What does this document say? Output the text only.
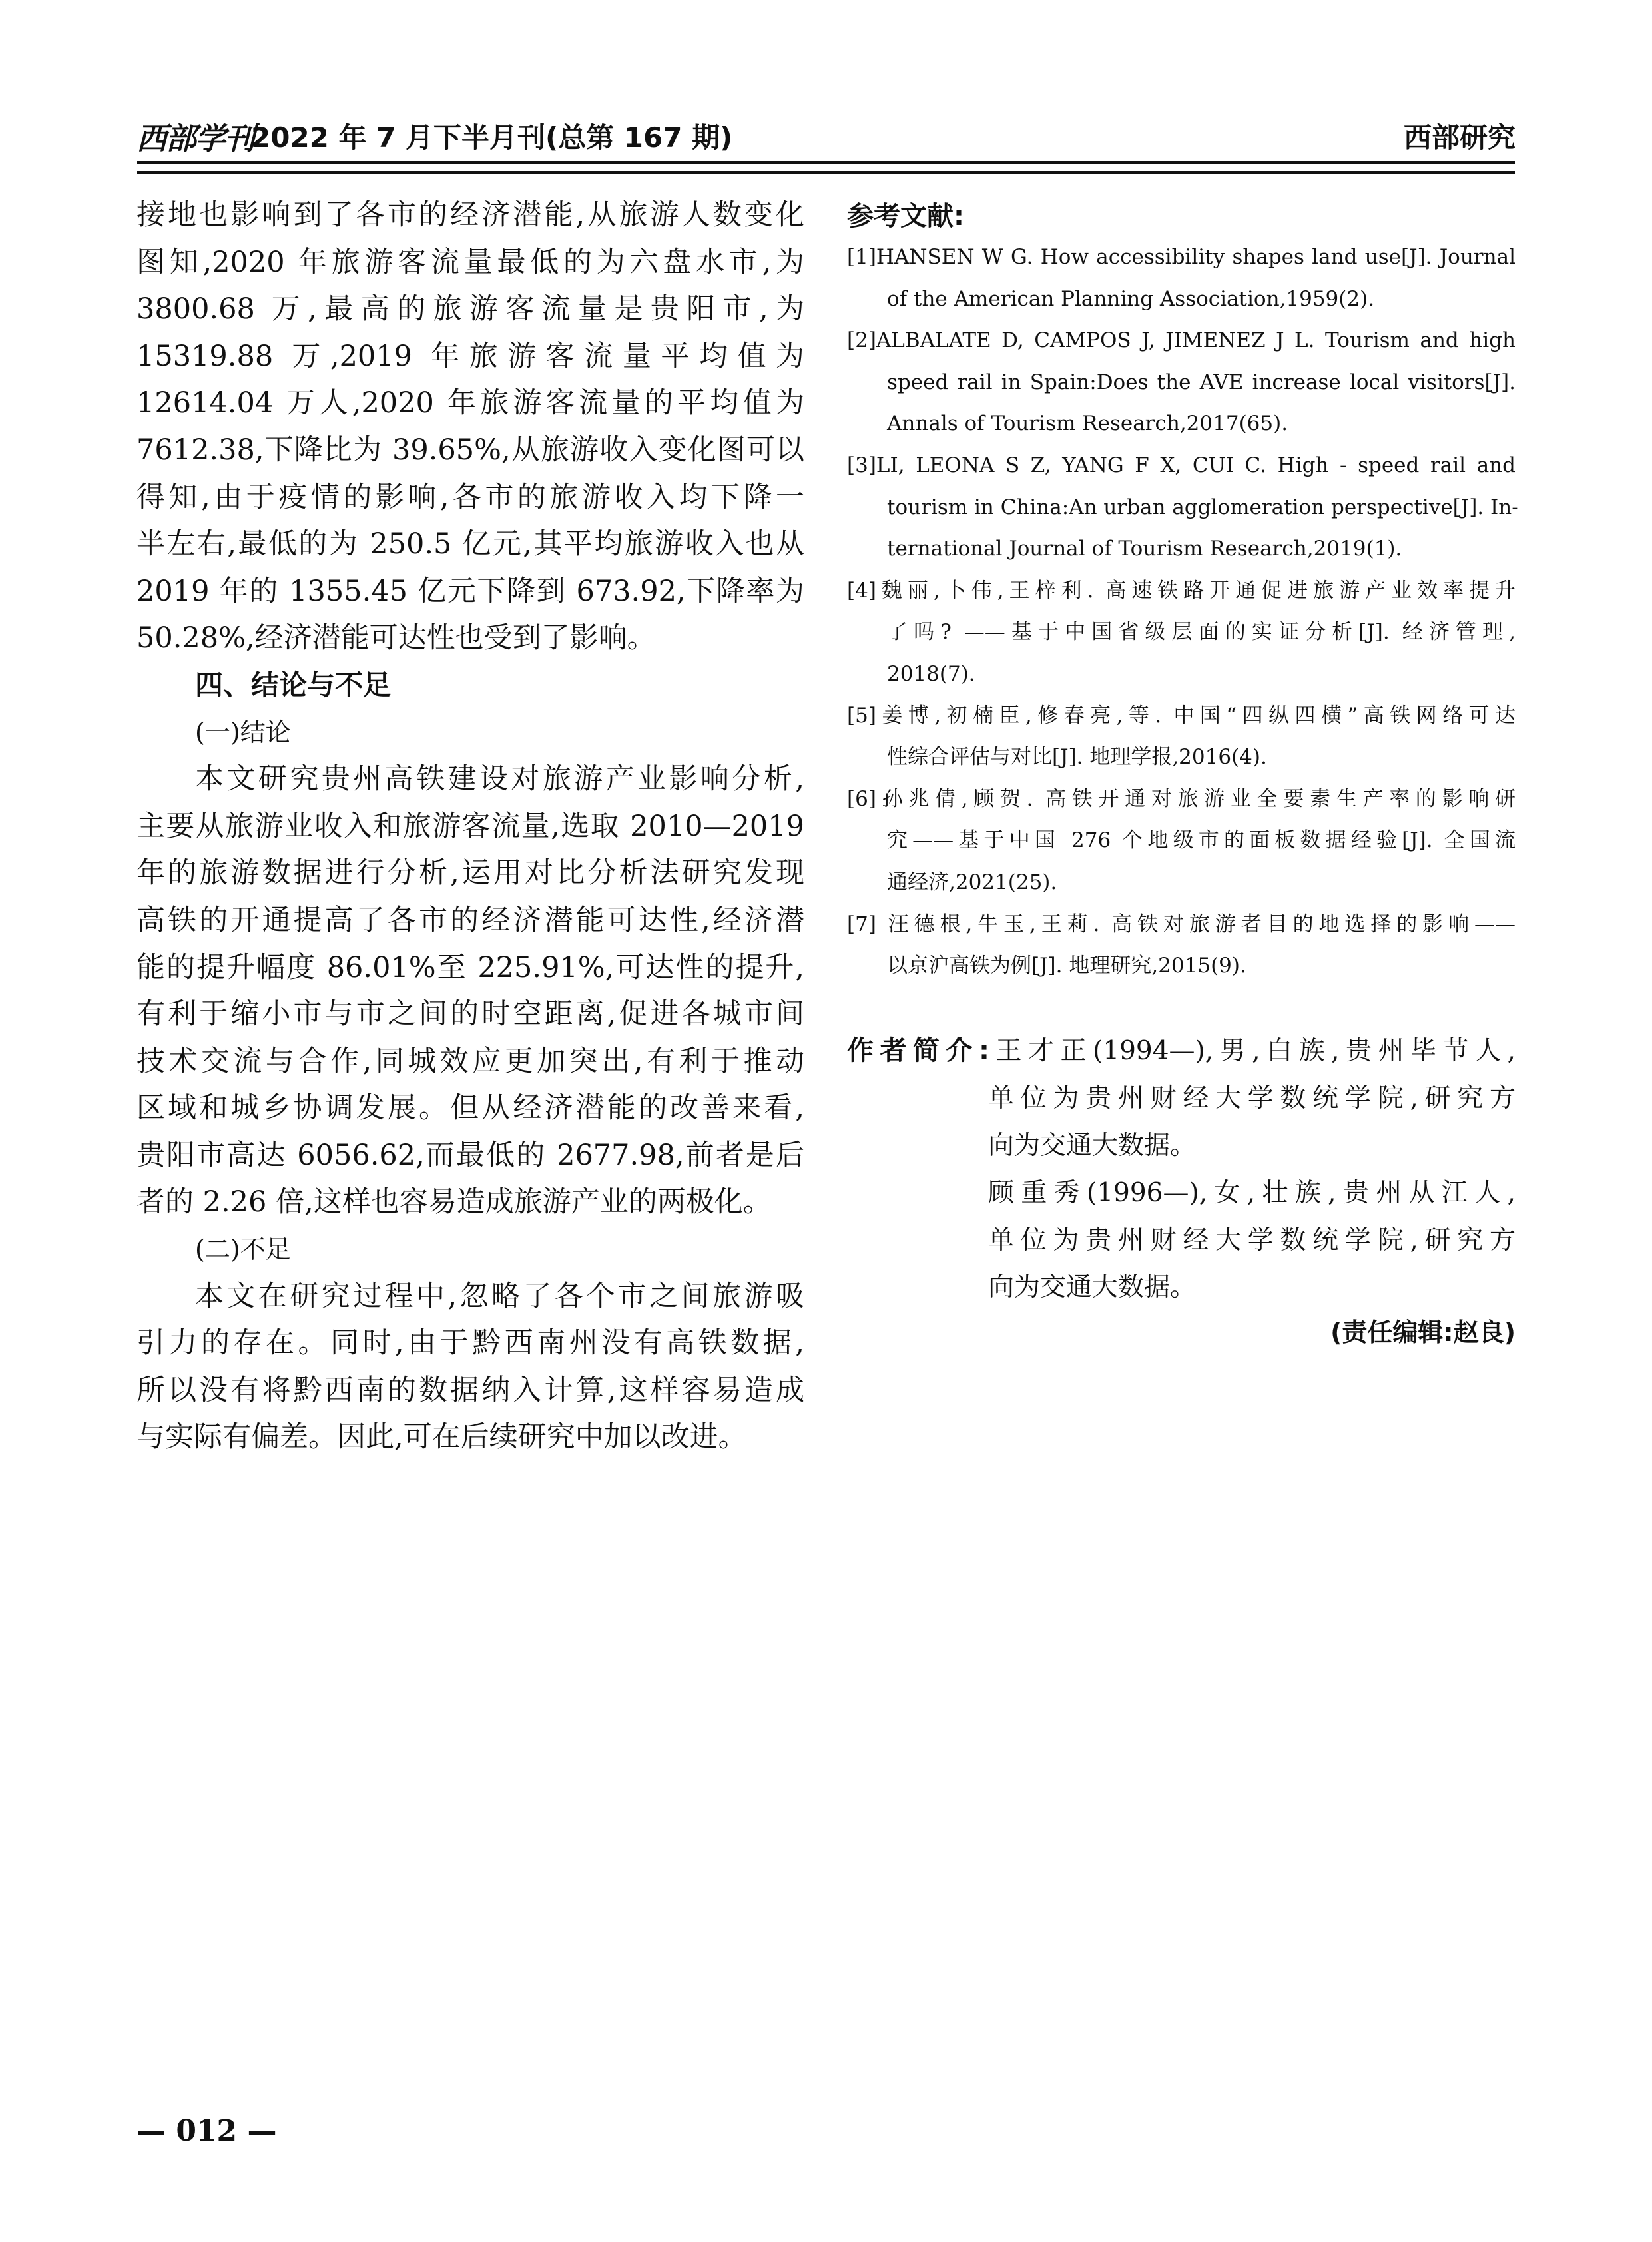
西部学刊
2022 年 7 月下半月刊(总第 167 期)	西部研究
接地也影响到了各市的经济潜能,从旅游人数变化
图知,2020 年旅游客流量最低的为六盘水市,为
3800.68 万,最高的旅游客流量是贵阳市,为
15319.88 万,2019 年旅游客流量平均值为
12614.04 万人,2020 年旅游客流量的平均值为
7612.38,下降比为 39.65%,从旅游收入变化图可以
得知,由于疫情的影响,各市的旅游收入均下降一
半左右,最低的为 250.5 亿元,其平均旅游收入也从
2019 年的 1355.45 亿元下降到 673.92,下降率为
50.28%,经济潜能可达性也受到了影响。
四、结论与不足
(一)结论
本文研究贵州高铁建设对旅游产业影响分析,
主要从旅游业收入和旅游客流量,选取 2010—2019
年的旅游数据进行分析,运用对比分析法研究发现
高铁的开通提高了各市的经济潜能可达性,经济潜
能的提升幅度 86.01%至 225.91%,可达性的提升,
有利于缩小市与市之间的时空距离,促进各城市间
技术交流与合作,同城效应更加突出,有利于推动
区域和城乡协调发展。但从经济潜能的改善来看,
贵阳市高达 6056.62,而最低的 2677.98,前者是后
者的 2.26 倍,这样也容易造成旅游产业的两极化。
(二)不足
本文在研究过程中,忽略了各个市之间旅游吸
引力的存在。同时,由于黔西南州没有高铁数据,
所以没有将黔西南的数据纳入计算,这样容易造成
与实际有偏差。因此,可在后续研究中加以改进。
参考文献:
[1]HANSEN W G. How accessibility shapes land use[J]. Journal
of the American Planning Association,1959(2).
[2]ALBALATE D, CAMPOS J, JIMENEZ J L. Tourism and high
speed rail in Spain:Does the AVE increase local visitors[J].
Annals of Tourism Research,2017(65).
[3]LI, LEONA S Z, YANG F X, CUI C. High - speed rail and
tourism in China:An urban agglomeration perspective[J]. In-
ternational Journal of Tourism Research,2019(1).
[4]魏丽,卜伟,王梓利. 高速铁路开通促进旅游产业效率提升
了吗? ——基于中国省级层面的实证分析[J]. 经济管理,
2018(7).
[5]姜博,初楠臣,修春亮,等. 中国“四纵四横”高铁网络可达
性综合评估与对比[J]. 地理学报,2016(4).
[6]孙兆倩,顾贺. 高铁开通对旅游业全要素生产率的影响研
究——基于中国 276 个地级市的面板数据经验[J]. 全国流
通经济,2021(25).
[7] 汪德根,牛玉,王莉. 高铁对旅游者目的地选择的影响——
以京沪高铁为例[J]. 地理研究,2015(9).
作者简介:王才正(1994—),男,白族,贵州毕节人,
单位为贵州财经大学数统学院,研究方
向为交通大数据。
顾重秀(1996—),女,壮族,贵州从江人,
单位为贵州财经大学数统学院,研究方
向为交通大数据。
(责任编辑:赵良)
— 012 —
